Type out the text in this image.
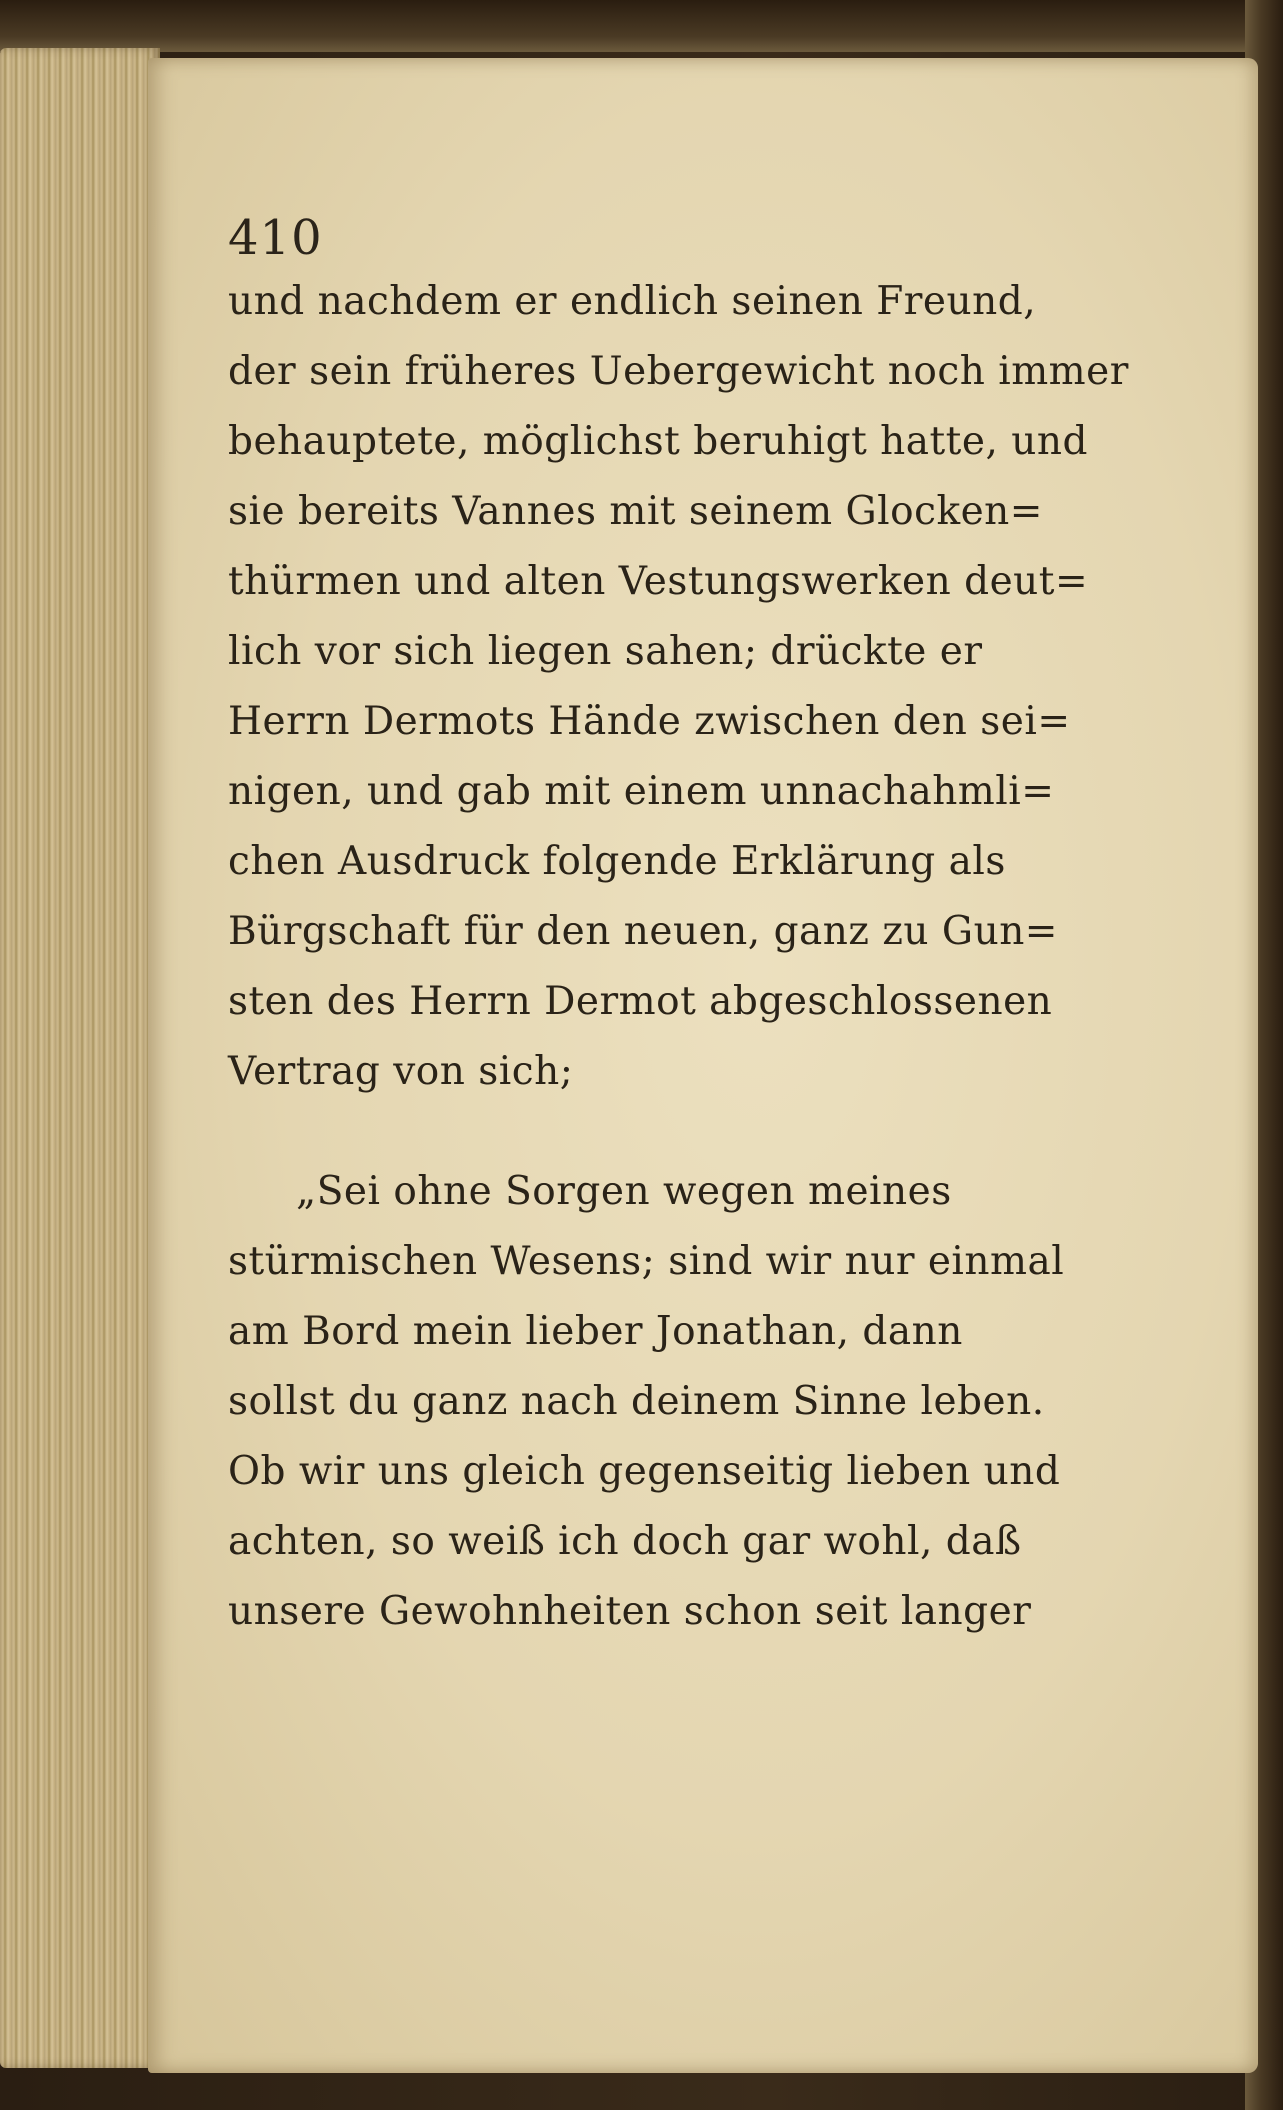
410
und nachdem er endlich seinen Freund,
der sein früheres Uebergewicht noch immer
behauptete, möglichst beruhigt hatte, und
sie bereits Vannes mit seinem Glocken=
thürmen und alten Vestungswerken deut=
lich vor sich liegen sahen; drückte er
Herrn Dermots Hände zwischen den sei=
nigen, und gab mit einem unnachahmli=
chen Ausdruck folgende Erklärung als
Bürgschaft für den neuen, ganz zu Gun=
sten des Herrn Dermot abgeschlossenen
Vertrag von sich;
„Sei ohne Sorgen wegen meines
stürmischen Wesens; sind wir nur einmal
am Bord mein lieber Jonathan, dann
sollst du ganz nach deinem Sinne leben.
Ob wir uns gleich gegenseitig lieben und
achten, so weiß ich doch gar wohl, daß
unsere Gewohnheiten schon seit langer
